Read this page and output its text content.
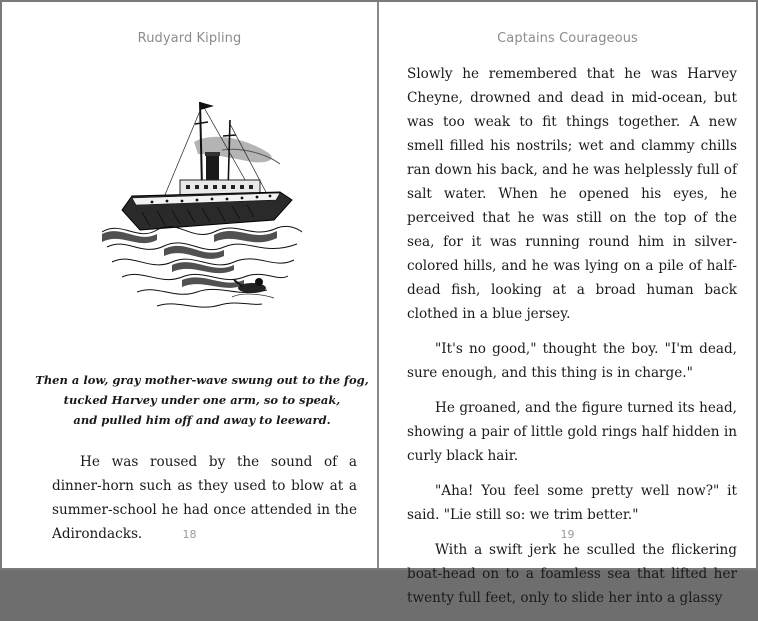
Rudyard Kipling
Then a low, gray mother-wave swung out to the fog,
tucked Harvey under one arm, so to speak,
and pulled him off and away to leeward.

He was roused by the sound of a dinner-horn such as they used to blow at a summer-school he had once attended in the Adirondacks.	18
Captains Courageous

Slowly he remembered that he was Harvey Cheyne, drowned and dead in mid-ocean, but was too weak to fit things together. A new smell filled his nostrils; wet and clammy chills ran down his back, and he was helplessly full of salt water. When he opened his eyes, he perceived that he was still on the top of the sea, for it was running round him in silver-colored hills, and he was lying on a pile of half-dead fish, looking at a broad human back clothed in a blue jersey.

"It's no good," thought the boy. "I'm dead, sure enough, and this thing is in charge."

He groaned, and the figure turned its head, showing a pair of little gold rings half hidden in curly black hair.

"Aha! You feel some pretty well now?" it said. "Lie still so: we trim better."

With a swift jerk he sculled the flickering boat-head on to a foamless sea that lifted her twenty full feet, only to slide her into a glassy

19
